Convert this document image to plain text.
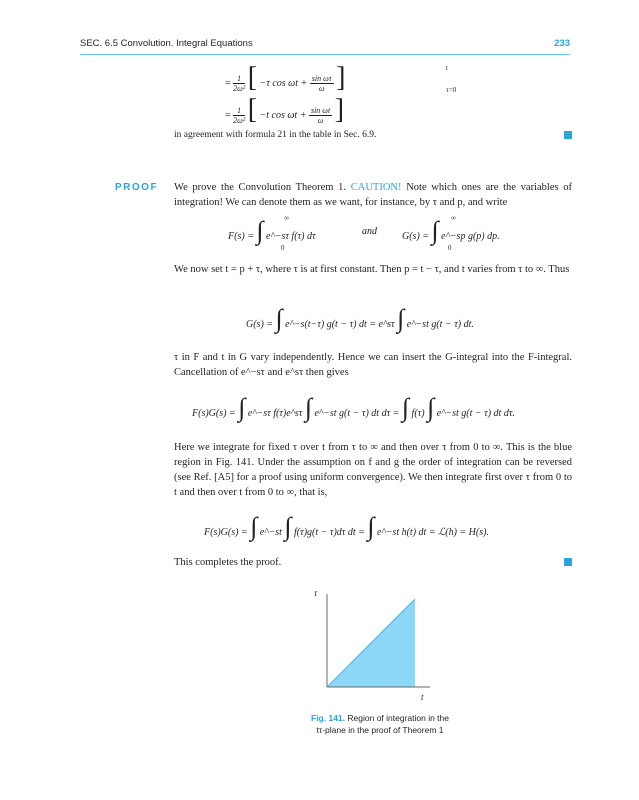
SEC. 6.5 Convolution. Integral Equations	233
= $\frac{1}{\text{2ω²}}$ [ −τ $\cos \omega t + \frac{\text{sin ωτ}}{\omega}$ ]	t
τ=0
= $\frac{1}{\text{2ω²}}$ [ −t $\cos \omega t + \frac{\text{sin ωt}}{\omega}$ ]
in agreement with formula 21 in the table in Sec. 6.9.
PROOF We prove the Convolution Theorem 1. CAUTION! Note which ones are the variables of integration! We can denote them as we want, for instance, by τ and p, and write
F(s) = ∫ e^−sτ f(τ) dτ
∞
0
and	G(s) = ∫ e^−sp g(p) dp.
∞
0
We now set t = p + τ, where τ is at first constant. Then p = t − τ, and t varies from τ to ∞. Thus
G(s) = ∫ e^−s(t−τ) g(t − τ) dt = e^sτ ∫ e^−st g(t − τ) dt.
τ in F and t in G vary independently. Hence we can insert the G-integral into the F-integral. Cancellation of e^−sτ and e^sτ then gives
F(s)G(s) = ∫ e^−sτ f(τ)e^sτ ∫ e^−st g(t − τ) dt dτ = ∫ f(τ) ∫ e^−st g(t − τ) dt dτ.
Here we integrate for fixed τ over t from τ to ∞ and then over τ from 0 to ∞. This is the blue region in Fig. 141. Under the assumption on f and g the order of integration can be reversed (see Ref. [A5] for a proof using uniform convergence). We then integrate first over τ from 0 to t and then over t from 0 to ∞, that is,
F(s)G(s) = ∫ e^−st ∫ f(τ)g(t − τ)dτ dt = ∫ e^−st h(t) dt = ℒ(h) = H(s).
This completes the proof.
τ
t
Fig. 141. Region of integration in the
tτ-plane in the proof of Theorem 1
